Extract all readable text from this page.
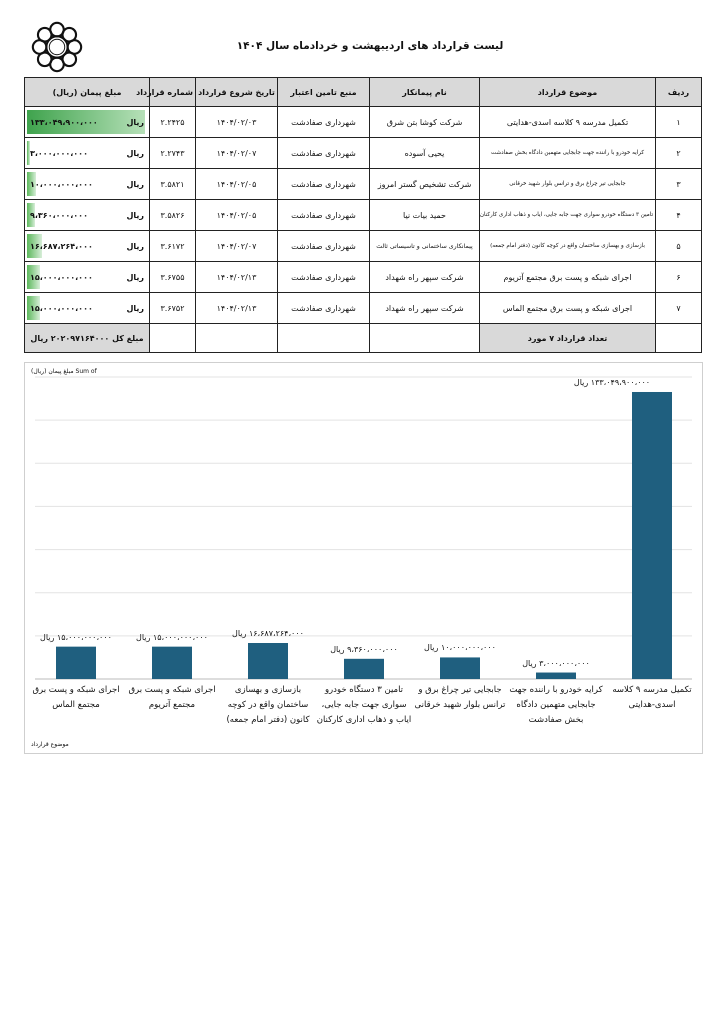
لیست قرارداد های اردیبهشت و خردادماه سال ۱۴۰۴
ردیف	موضوع قرارداد	نام پیمانکار	منبع تامین اعتبار	تاریخ شروع قرارداد	شماره قرارداد	مبلغ پیمان (ریال)
۱	تکمیل مدرسه ۹ کلاسه اسدی-هدایتی	شرکت کوشا بتن شرق	شهرداری صفادشت	۱۴۰۴/۰۲/۰۳	۲.۲۴۲۵	۱۳۳،۰۴۹،۹۰۰،۰۰۰ ریال

۲	کرایه خودرو با راننده جهت جابجایی متهمین دادگاه بخش صفادشت	یحیی آسوده	شهرداری صفادشت	۱۴۰۴/۰۲/۰۷	۲.۲۷۴۳	۳،۰۰۰،۰۰۰،۰۰۰ ریال

۳	جابجایی تیر چراغ برق و ترانس بلوار شهید خرقانی	شرکت تشخیص گستر امروز	شهرداری صفادشت	۱۴۰۴/۰۲/۰۵	۳.۵۸۲۱	۱۰،۰۰۰،۰۰۰،۰۰۰ ریال

۴	تامین ۳ دستگاه خودرو سواری جهت جابه جایی، ایاب و ذهاب اداری کارکنان	حمید بیات نیا	شهرداری صفادشت	۱۴۰۴/۰۲/۰۵	۳.۵۸۲۶	۹،۳۶۰،۰۰۰،۰۰۰ ریال

۵	بازسازی و بهسازی ساختمان واقع در کوچه کانون (دفتر امام جمعه)	پیمانکاری ساختمانی و تاسیساتی ثالث	شهرداری صفادشت	۱۴۰۴/۰۲/۰۷	۳.۶۱۷۲	۱۶،۶۸۷،۲۶۴،۰۰۰ ریال

۶	اجرای شبکه و پست برق مجتمع آتریوم	شرکت سپهر راه شهداد	شهرداری صفادشت	۱۴۰۴/۰۲/۱۳	۳.۶۷۵۵	۱۵،۰۰۰،۰۰۰،۰۰۰ ریال

۷	اجرای شبکه و پست برق مجتمع الماس	شرکت سپهر راه شهداد	شهرداری صفادشت	۱۴۰۴/۰۲/۱۳	۳.۶۷۵۲	۱۵،۰۰۰،۰۰۰،۰۰۰ ریال

	تعداد قرارداد ۷ مورد					مبلغ کل ۲۰۲۰۹۷۱۶۴۰۰۰ ریال
Sum of مبلغ پیمان (ریال)
موضوع قرارداد
۱۳۳،۰۴۹،۹۰۰،۰۰۰ ریال
تکمیل مدرسه ۹ کلاسه اسدی-هدایتی
۳،۰۰۰،۰۰۰،۰۰۰ ریال
کرایه خودرو با راننده جهت جابجایی متهمین دادگاه بخش صفادشت
۱۰،۰۰۰،۰۰۰،۰۰۰ ریال
جابجایی تیر چراغ برق و ترانس بلوار شهید خرقانی
۹،۳۶۰،۰۰۰،۰۰۰ ریال
تامین ۳ دستگاه خودرو سواری جهت جابه جایی، ایاب و ذهاب اداری کارکنان
۱۶،۶۸۷،۲۶۴،۰۰۰ ریال
بازسازی و بهسازی ساختمان واقع در کوچه کانون (دفتر امام جمعه)
۱۵،۰۰۰،۰۰۰،۰۰۰ ریال
اجرای شبکه و پست برق مجتمع آتریوم
۱۵،۰۰۰،۰۰۰،۰۰۰ ریال
اجرای شبکه و پست برق مجتمع الماس
